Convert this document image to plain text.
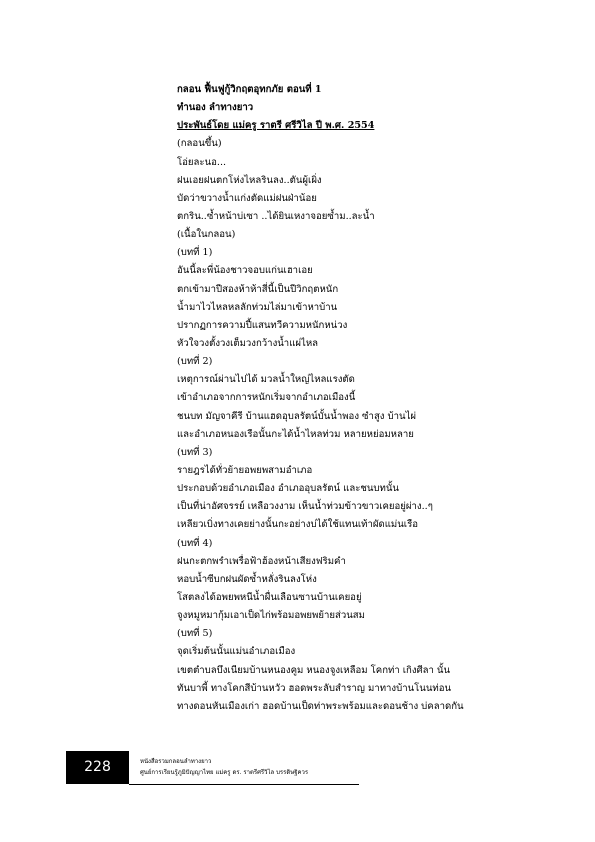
กลอน ฟื้นฟูกู้วิกฤตอุทกภัย ตอนที่ 1
ทำนอง ลำทางยาว
ประพันธ์โดย แม่ครู ราตรี ศรีวิไล ปี พ.ศ. 2554
(กลอนขึ้น)
โอ่ยละนอ...
ฝนเอยฝนตกโห่งไหลรินลง..ตันผู้เผิ่ง
บัดว่าขวางน้ำแก่งตัดแม่ฝนฝ่าน้อย
ตกริน..ซ้ำหน้าบ่เซา ..ได้ยินเหงาจอยซ้ำม..ละน้ำ
(เนื้อในกลอน)
(บทที่ 1)
อันนี้ละพี่น้องชาวจอบแก่นเฮาเอย
ตกเข้ามาปีสองห้าห้าสี่นี้เป็นปีวิกฤตหนัก
น้ำมาไวไหลหลลักท่วมไล่มาเข้าหาบ้าน
ปรากฏการความปี้แสนทวีความหนักหน่วง
หัวใจวงตั้งวงเต็มวงกว้างน้ำแผ่ไหล
(บทที่ 2)
เหตุการณ์ผ่านไปได้ มวลน้ำใหญ่ไหลแรงตัด
เข้าอำเภอจากการหนักเริ่มจากอำเภอเมืองนี้
ชนบท มัญจาคีรี บ้านแฮดอุบลรัตน์บั้นน้ำพอง ซำสูง บ้านไผ่
และอำเภอหนองเรือนั้นกะได้น้ำไหลท่วม หลายหย่อมหลาย
(บทที่ 3)
รายฎรได้ทั่วย้ายอพยพสามอำเภอ
ประกอบด้วยอำเภอเมือง อำเภออุบลรัตน์ และชนบทนั้น
เป็นที่น่าอัศจรรย์ เหลือวงงาม เห็นน้ำท่วมข้าวขาวเคยอยู่ผ่าง..ๆ
เหลียวเบิ่งทางเคยย่างนั้นกะอย่างบ่ได้ใช้แทนเท้าผัดแม่นเรือ
(บทที่ 4)
ฝนกะตกพรำเพรื่อฟ้าฮ้องหน้าเสียงฟริมคำ
หอบน้ำซีบกฝนผัดซ้ำหลั่งรินลงโห่ง
โสตลงได้อพยพหนีน้ำผื่นเลือนซานบ้านเคยอยู่
จูงหมูหมากุ้มเอาเป็ดไก่พร้อมอพยพย้ายส่วนสม
(บทที่ 5)
จุดเริ่มต้นนั้นแม่นอำเภอเมือง
เขตตำบลบึงเนียมบ้านหนองคูม หนองจูงเหลือม โคกท่า เกิงศีลา นั้น
ทันบาพี้ ทางโคกสีบ้านหวัว ฮอดพระลับสำราญ มาทางบ้านโนนท่อน
ทางดอนหันเมืองเก่า ฮอดบ้านเป็ดท่าพระพร้อมและดอนช้าง บ่คลาดกัน
228	หนังสือรวมกลอนลำทางยาว
ศูนย์การเรียนรู้ภูมิปัญญาไทย แม่ครู ดร. ราตรีศรีวิไล บรรดิษฐิควร
